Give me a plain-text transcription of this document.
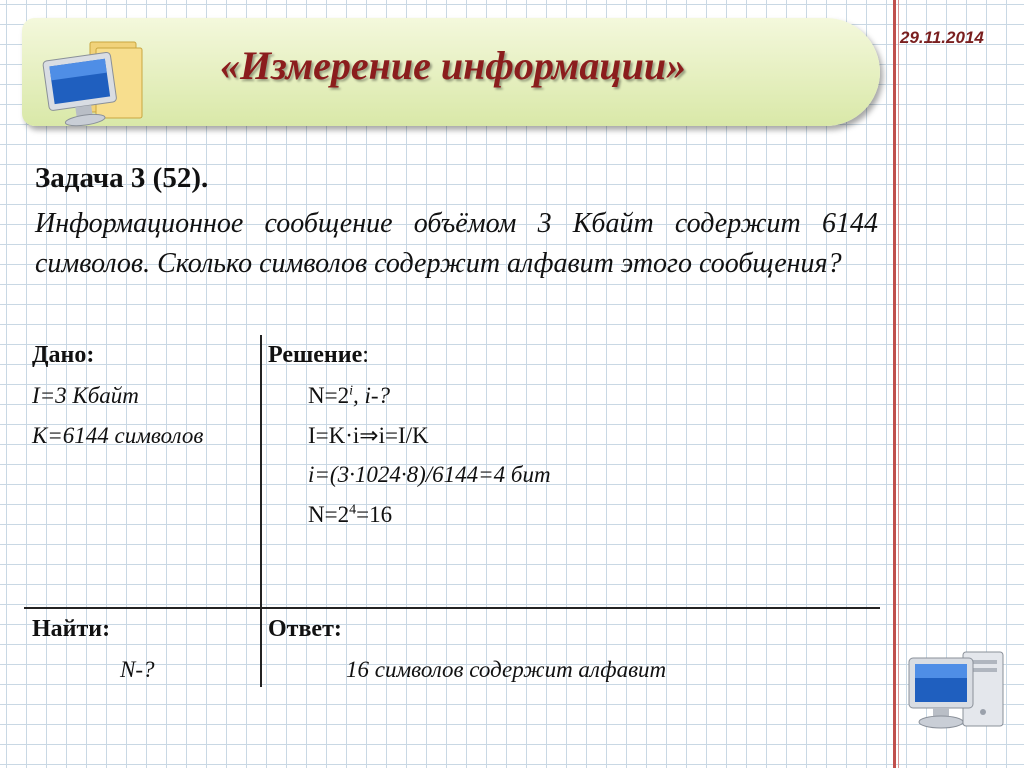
«Измерение информации»
29.11.2014
Задача 3 (52).
Информационное сообщение объёмом 3 Кбайт содержит 6144 символов. Сколько символов содержит алфавит этого сообщения?
Дано:
I=3 Кбайт
К=6144 символов
Решение:
$N=2^i$, i-?
I=K·i⇒i=I/K
i=(3·1024·8)/6144=4 бит
$N=2^4=16$
Найти:
N-?
Ответ:
16 символов содержит алфавит
